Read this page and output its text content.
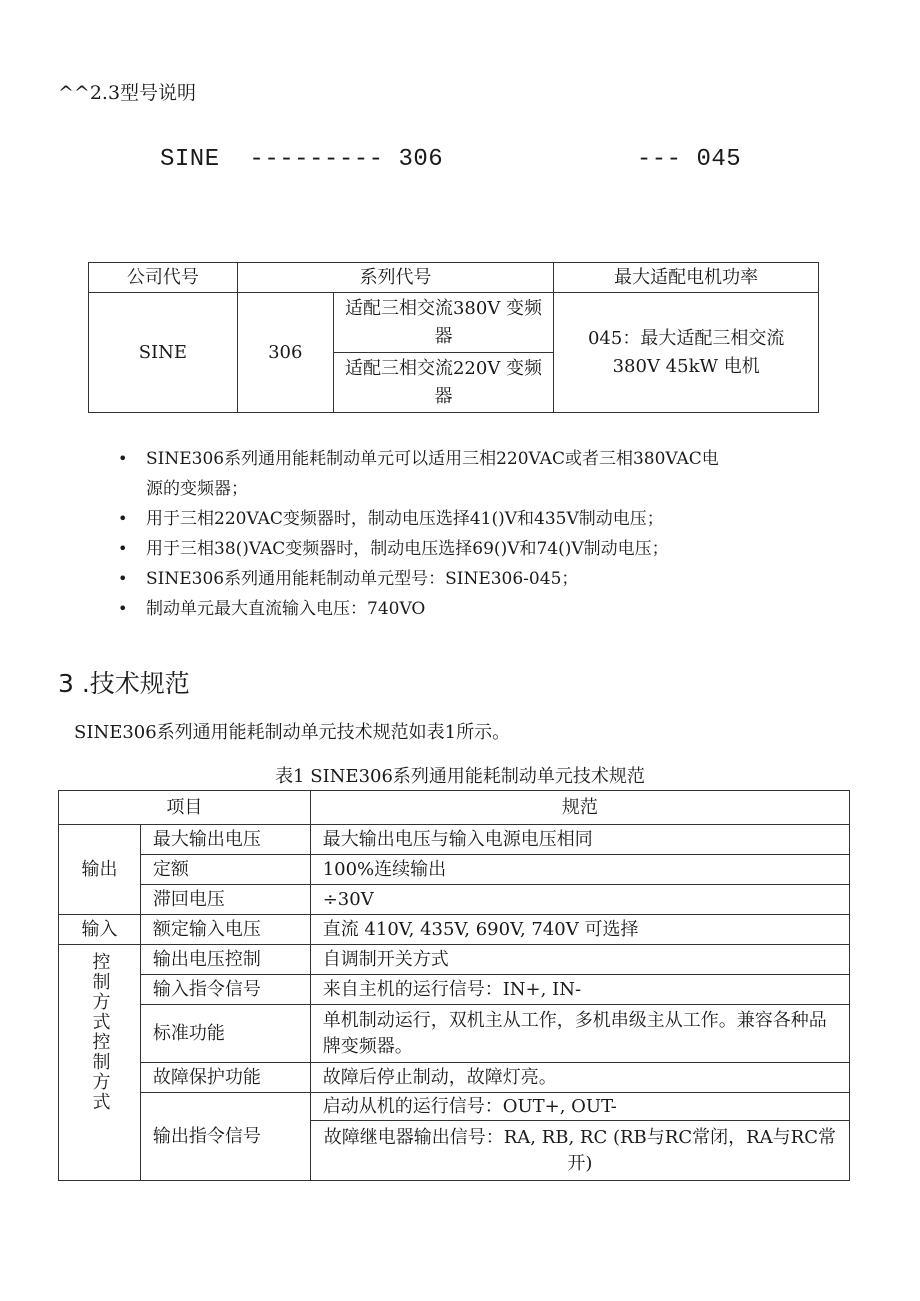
^^2.3型号说明
SINE  --------- 306             --- 045
公司代号	系列代号		最大适配电机功率
SINE	306	适配三相交流380V 变频器	045：最大适配三相交流380V 45kW 电机
		适配三相交流220V 变频器	
• SINE306系列通用能耗制动单元可以适用三相220VAC或者三相380VAC电源的变频器；
• 用于三相220VAC变频器时，制动电压选择41()V和435V制动电压；
• 用于三相38()VAC变频器时，制动电压选择69()V和74()V制动电压；
• SINE306系列通用能耗制动单元型号：SINE306-045；
• 制动单元最大直流输入电压：740VO
3 .技术规范
SINE306系列通用能耗制动单元技术规范如表1所示。
表1 SINE306系列通用能耗制动单元技术规范
项目		规范
输出	最大输出电压	最大输出电压与输入电源电压相同
	定额	100%连续输出
	滞回电压	÷30V
输入	额定输入电压	直流 410V, 435V, 690V, 740V 可选择

控制方式控制方式	输出电压控制	自调制开关方式
	输入指令信号	来自主机的运行信号：IN+, IN-
	标准功能	单机制动运行，双机主从工作，多机串级主从工作。兼容各种品牌变频器。
	故障保护功能	故障后停止制动，故障灯亮。
	输出指令信号	启动从机的运行信号：OUT+, OUT-
		故障继电器输出信号：RA, RB, RC (RB与RC常闭，RA与RC常开)
